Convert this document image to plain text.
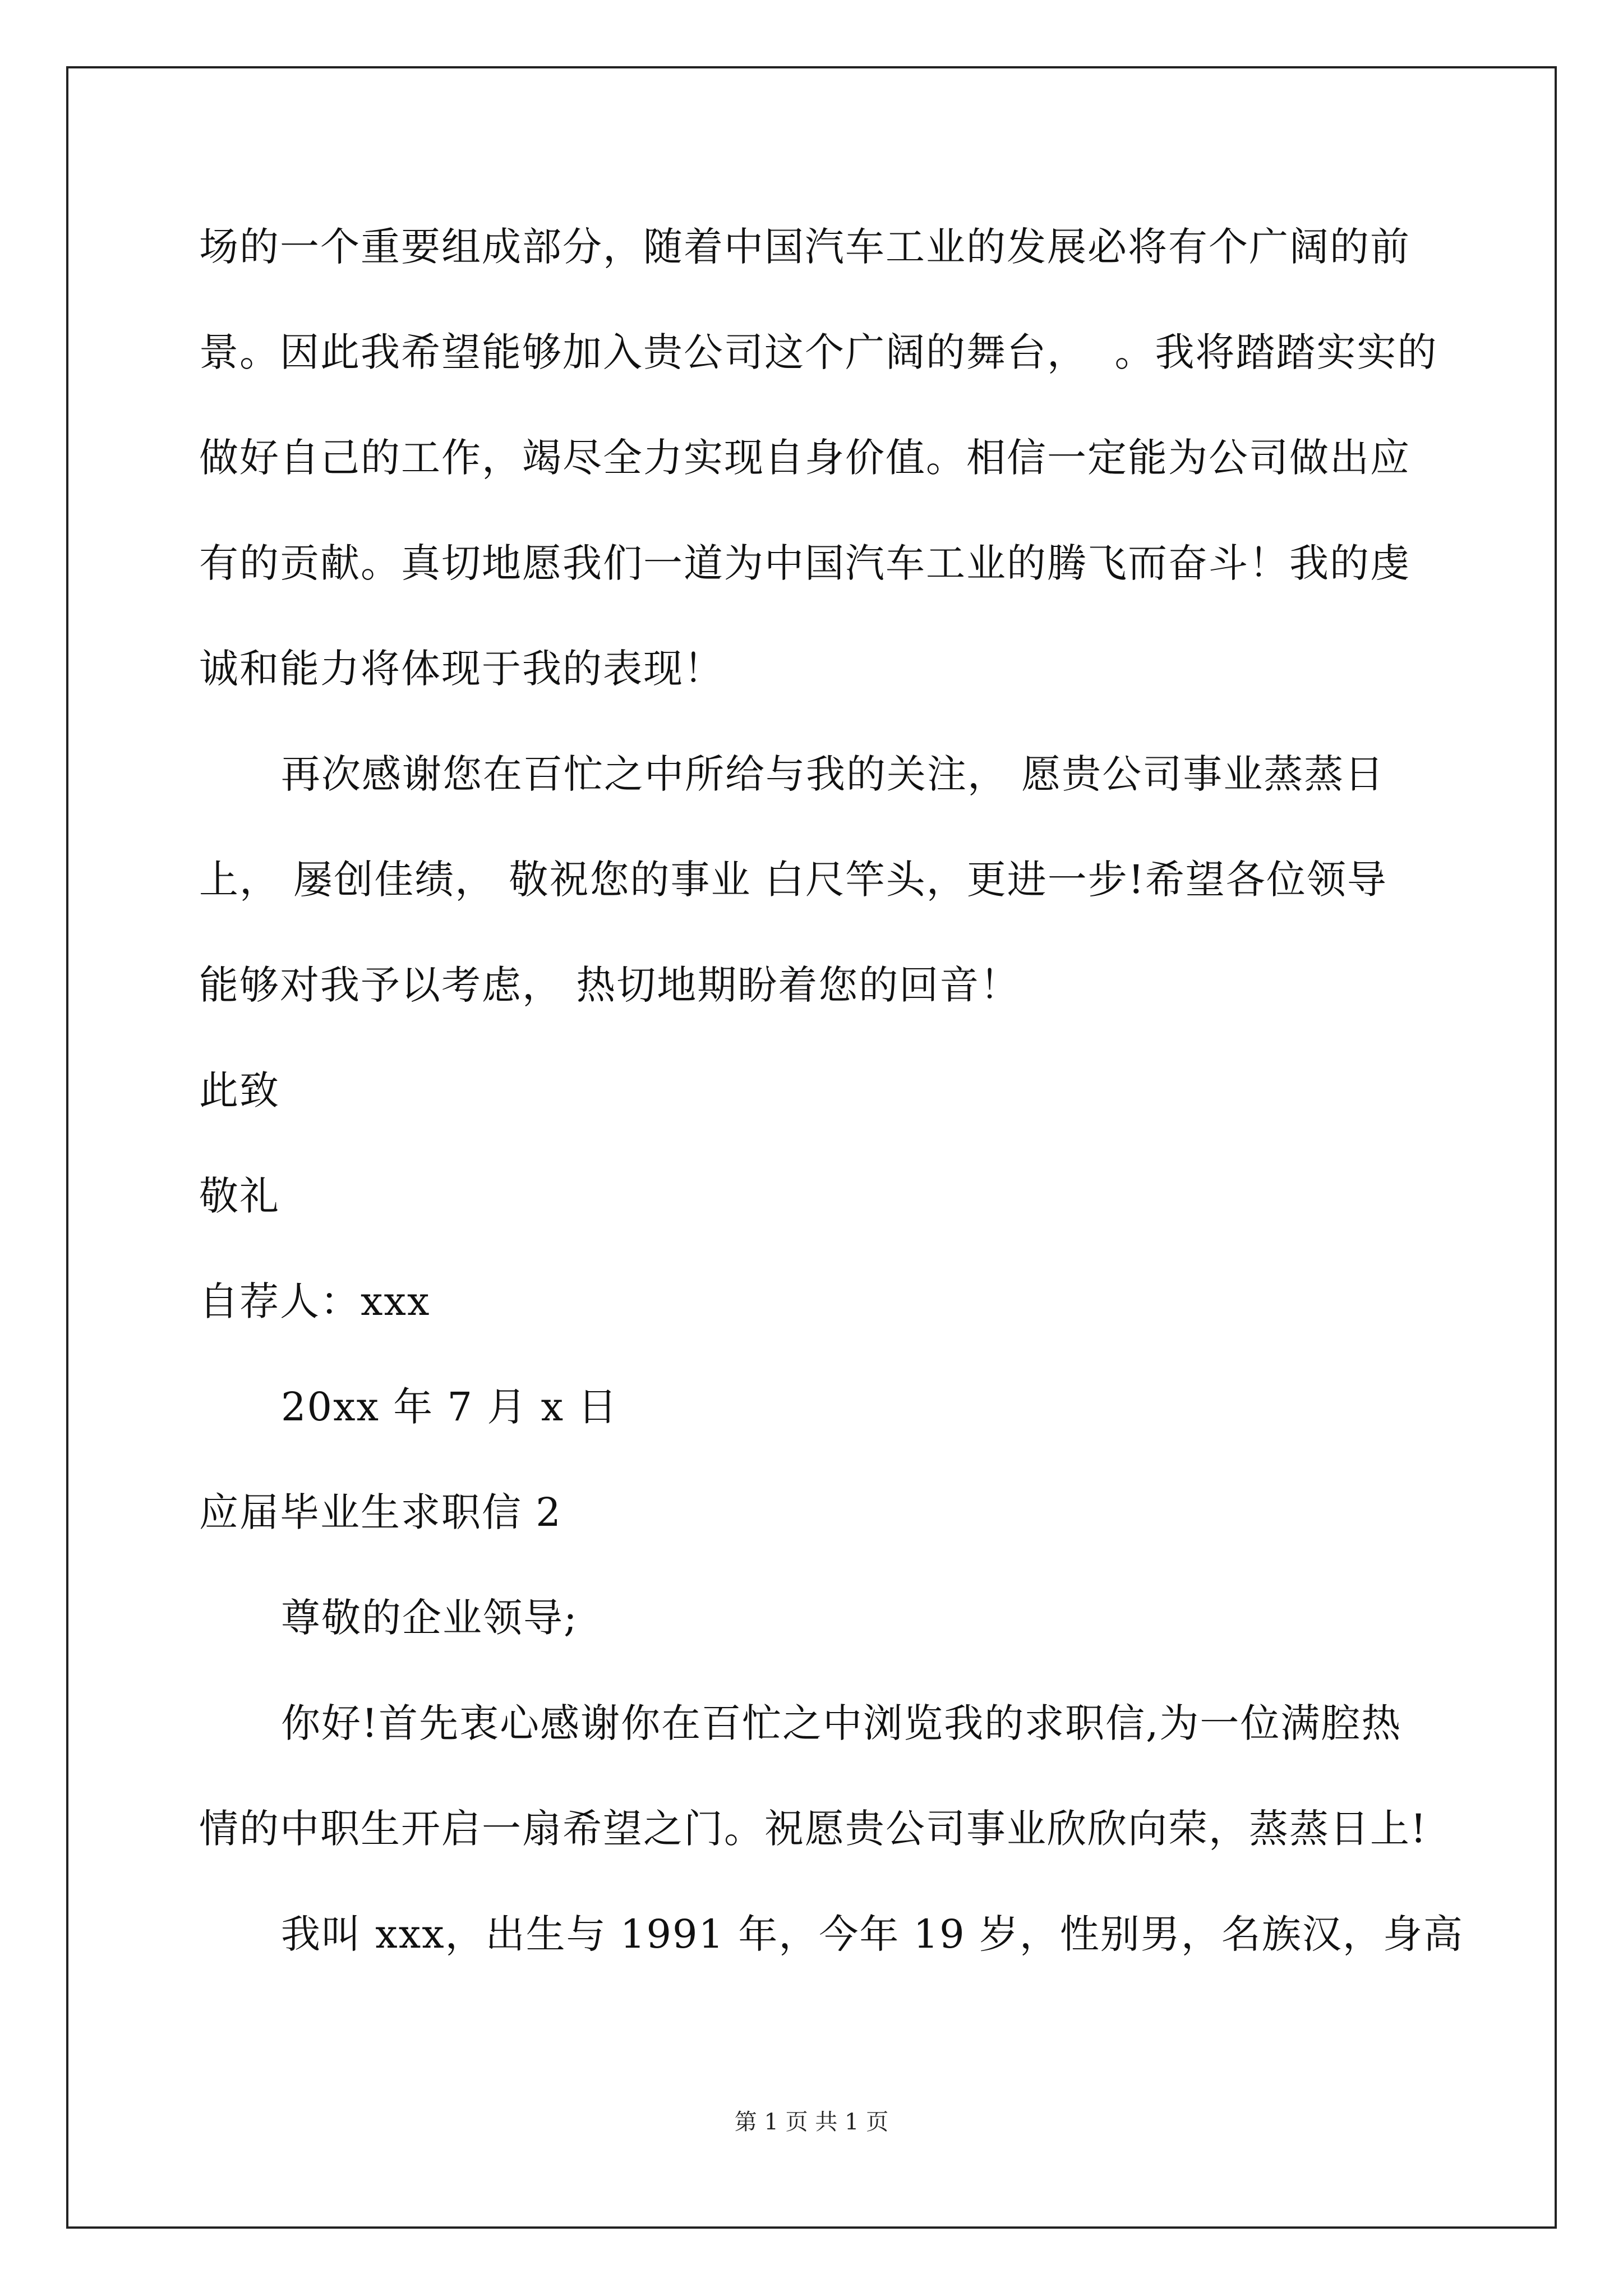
场的一个重要组成部分，随着中国汽车工业的发展必将有个广阔的前
景。因此我希望能够加入贵公司这个广阔的舞台，  。我将踏踏实实的
做好自己的工作，竭尽全力实现自身价值。相信一定能为公司做出应
有的贡献。真切地愿我们一道为中国汽车工业的腾飞而奋斗！我的虔
诚和能力将体现于我的表现！
再次感谢您在百忙之中所给与我的关注， 愿贵公司事业蒸蒸日
上， 屡创佳绩， 敬祝您的事业 白尺竿头，更进一步!希望各位领导
能够对我予以考虑， 热切地期盼着您的回音！
此致
敬礼
自荐人：xxx
20xx 年 7 月 x 日
应届毕业生求职信 2
尊敬的企业领导;
你好!首先衷心感谢你在百忙之中浏览我的求职信,为一位满腔热
情的中职生开启一扇希望之门。祝愿贵公司事业欣欣向荣，蒸蒸日上!
我叫 xxx，出生与 1991 年，今年 19 岁，性别男，名族汉，身高
第 1 页 共 1 页
